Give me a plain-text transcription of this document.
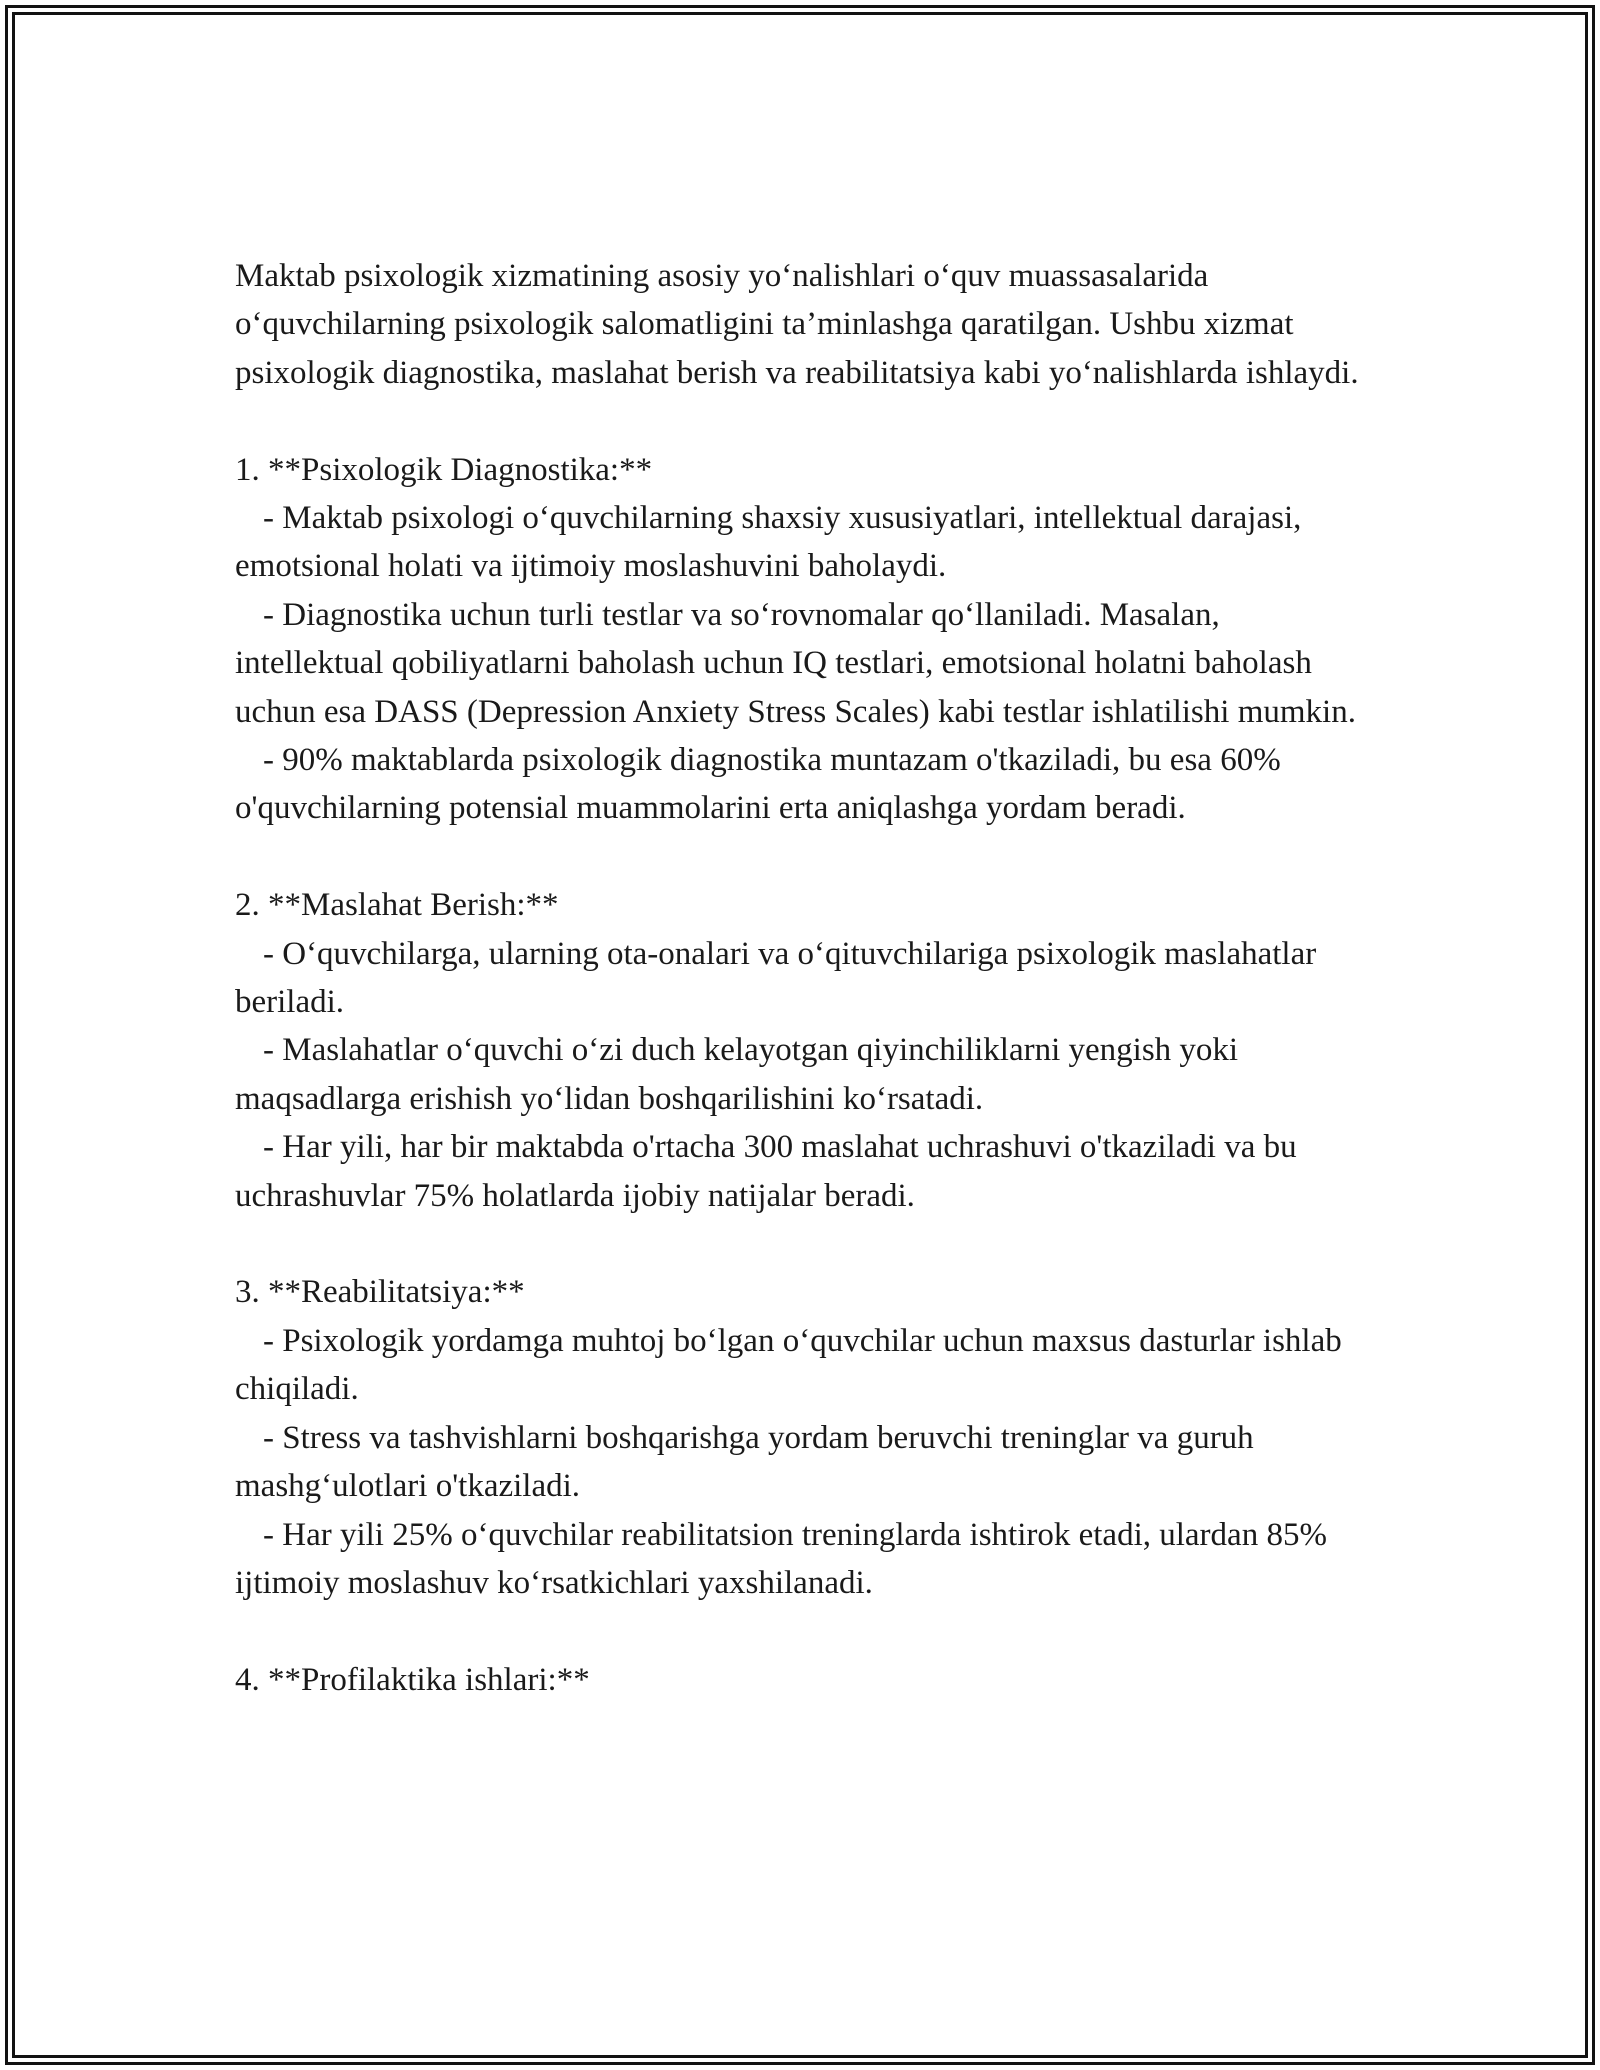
Maktab psixologik xizmatining asosiy yo‘nalishlari o‘quv muassasalarida o‘quvchilarning psixologik salomatligini ta’minlashga qaratilgan. Ushbu xizmat psixologik diagnostika, maslahat berish va reabilitatsiya kabi yo‘nalishlarda ishlaydi.

1. **Psixologik Diagnostika:**

- Maktab psixologi o‘quvchilarning shaxsiy xususiyatlari, intellektual darajasi, emotsional holati va ijtimoiy moslashuvini baholaydi.

- Diagnostika uchun turli testlar va so‘rovnomalar qo‘llaniladi. Masalan, intellektual qobiliyatlarni baholash uchun IQ testlari, emotsional holatni baholash uchun esa DASS (Depression Anxiety Stress Scales) kabi testlar ishlatilishi mumkin.

- 90% maktablarda psixologik diagnostika muntazam o'tkaziladi, bu esa 60% o'quvchilarning potensial muammolarini erta aniqlashga yordam beradi.

2. **Maslahat Berish:**

- O‘quvchilarga, ularning ota-onalari va o‘qituvchilariga psixologik maslahatlar beriladi.

- Maslahatlar o‘quvchi o‘zi duch kelayotgan qiyinchiliklarni yengish yoki maqsadlarga erishish yo‘lidan boshqarilishini ko‘rsatadi.

- Har yili, har bir maktabda o'rtacha 300 maslahat uchrashuvi o'tkaziladi va bu uchrashuvlar 75% holatlarda ijobiy natijalar beradi.

3. **Reabilitatsiya:**

- Psixologik yordamga muhtoj bo‘lgan o‘quvchilar uchun maxsus dasturlar ishlab chiqiladi.

- Stress va tashvishlarni boshqarishga yordam beruvchi treninglar va guruh mashg‘ulotlari o'tkaziladi.

- Har yili 25% o‘quvchilar reabilitatsion treninglarda ishtirok etadi, ulardan 85% ijtimoiy moslashuv ko‘rsatkichlari yaxshilanadi.

4. **Profilaktika ishlari:**
